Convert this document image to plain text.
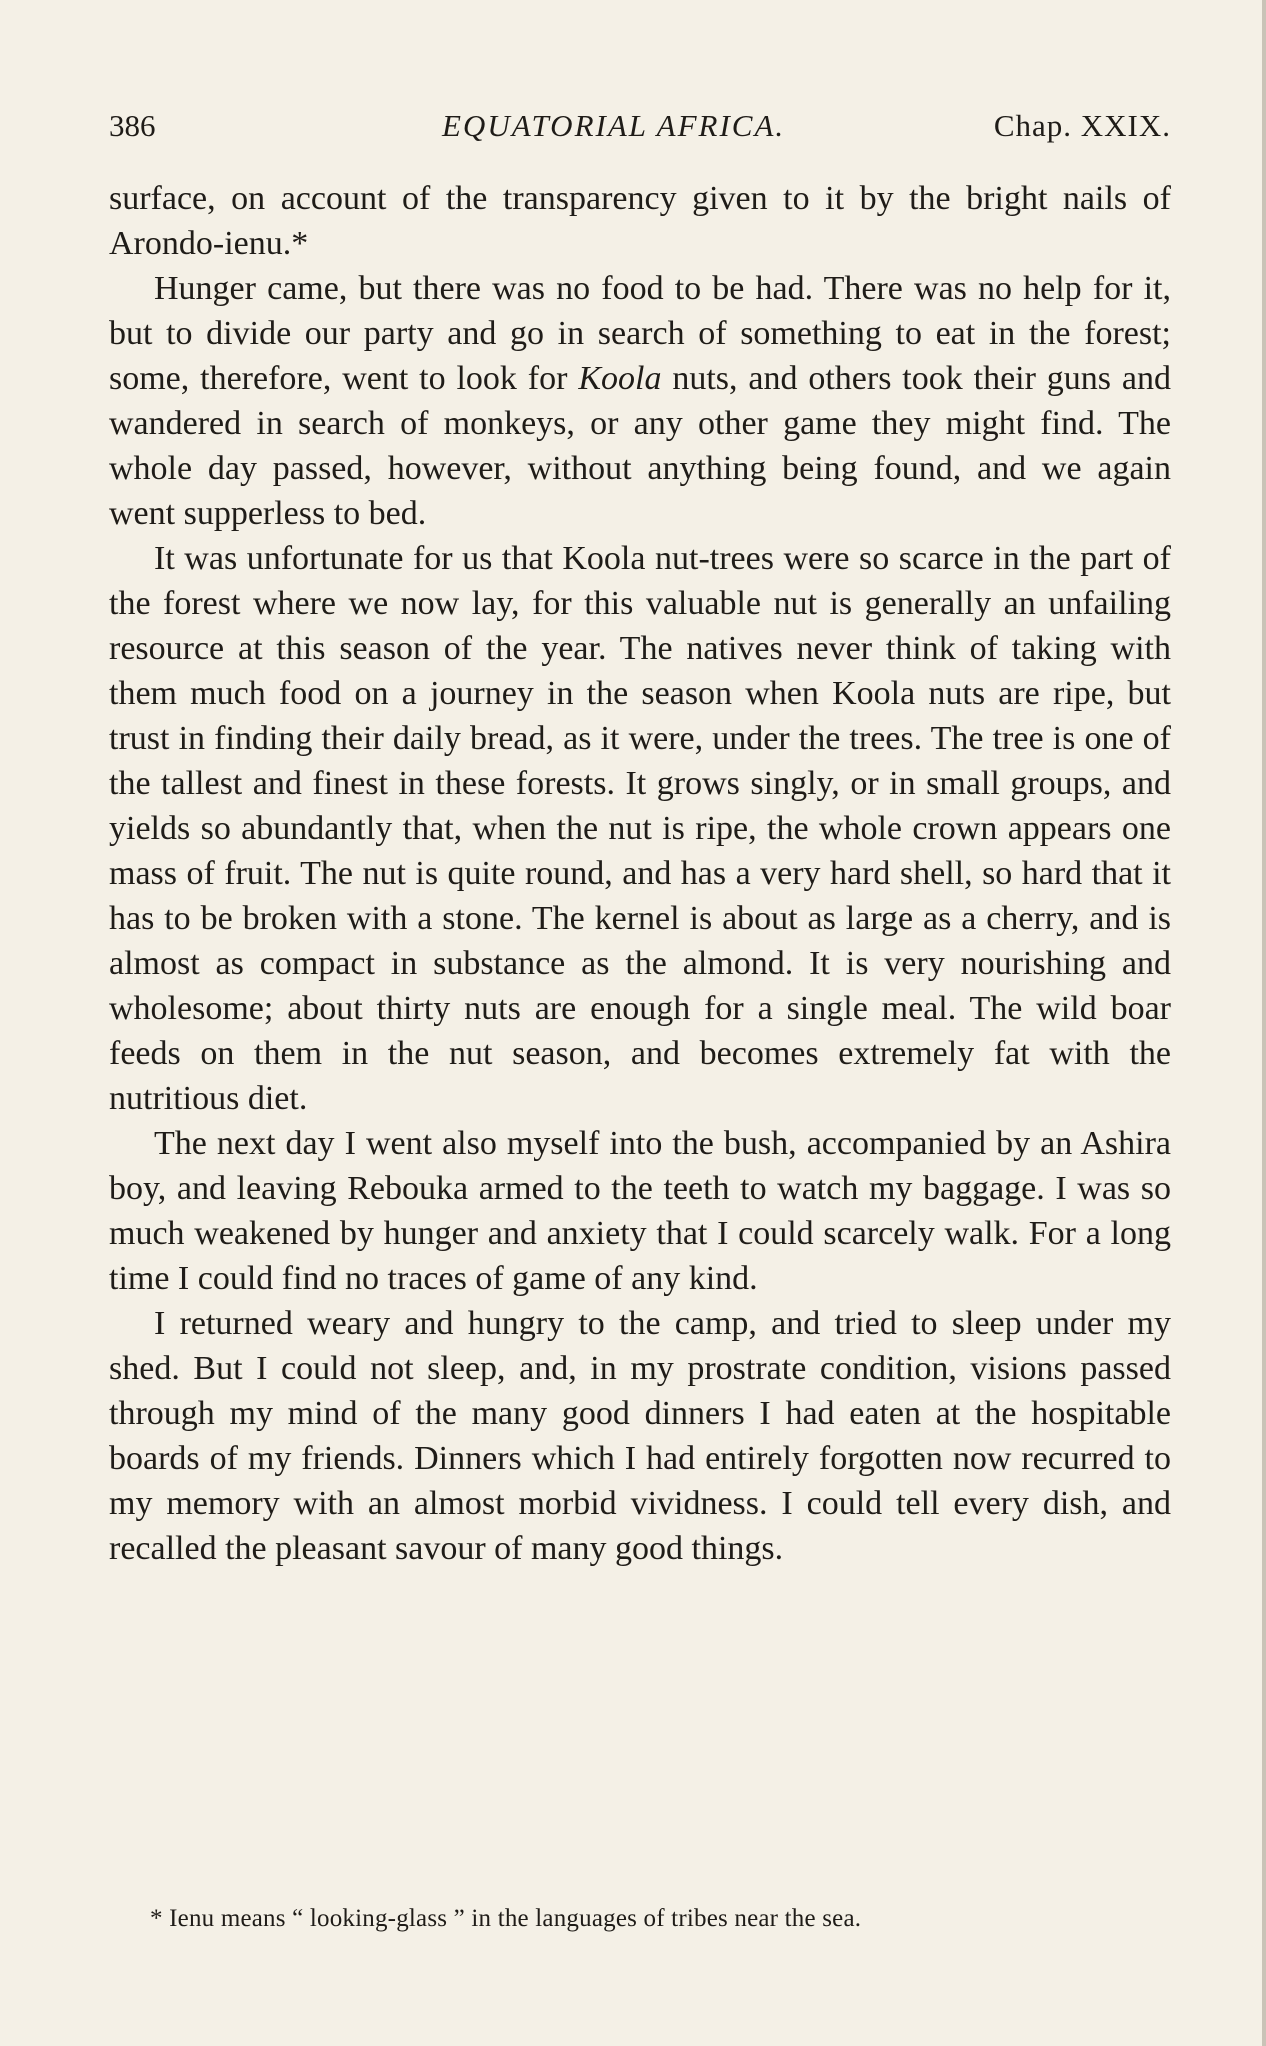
386	EQUATORIAL AFRICA.	Chap. XXIX.

surface, on account of the transparency given to it by the bright nails of Arondo-ienu.*

Hunger came, but there was no food to be had. There was no help for it, but to divide our party and go in search of something to eat in the forest; some, therefore, went to look for Koola nuts, and others took their guns and wandered in search of monkeys, or any other game they might find. The whole day passed, however, without anything being found, and we again went supperless to bed.

It was unfortunate for us that Koola nut-trees were so scarce in the part of the forest where we now lay, for this valuable nut is generally an unfailing resource at this season of the year. The natives never think of taking with them much food on a journey in the season when Koola nuts are ripe, but trust in finding their daily bread, as it were, under the trees. The tree is one of the tallest and finest in these forests. It grows singly, or in small groups, and yields so abundantly that, when the nut is ripe, the whole crown appears one mass of fruit. The nut is quite round, and has a very hard shell, so hard that it has to be broken with a stone. The kernel is about as large as a cherry, and is almost as compact in substance as the almond. It is very nourishing and wholesome; about thirty nuts are enough for a single meal. The wild boar feeds on them in the nut season, and becomes extremely fat with the nutritious diet.

The next day I went also myself into the bush, accompanied by an Ashira boy, and leaving Rebouka armed to the teeth to watch my baggage. I was so much weakened by hunger and anxiety that I could scarcely walk. For a long time I could find no traces of game of any kind.

I returned weary and hungry to the camp, and tried to sleep under my shed. But I could not sleep, and, in my prostrate condition, visions passed through my mind of the many good dinners I had eaten at the hospitable boards of my friends. Dinners which I had entirely forgotten now recurred to my memory with an almost morbid vividness. I could tell every dish, and recalled the pleasant savour of many good things.

* Ienu means “ looking-glass ” in the languages of tribes near the sea.
